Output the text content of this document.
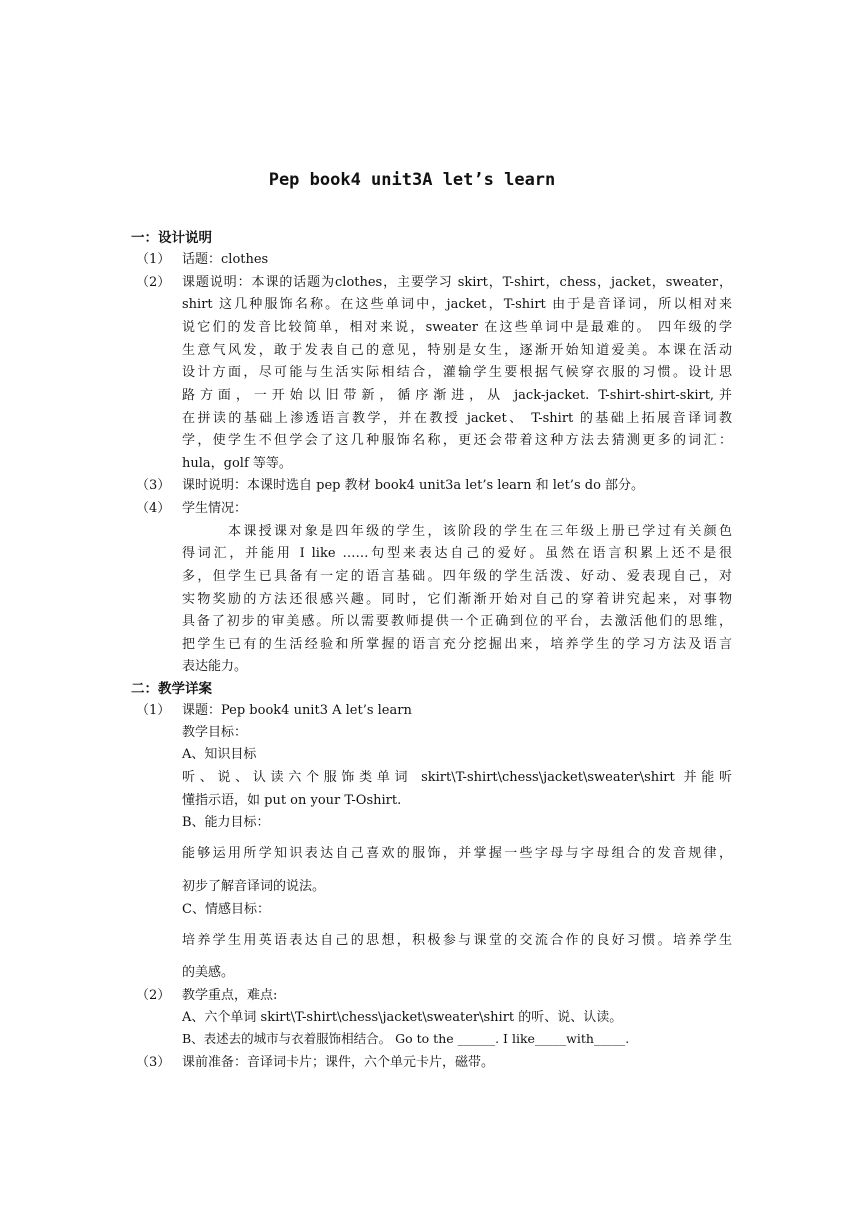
Pep book4 unit3A let’s learn
一：设计说明
（1） 话题：clothes
（2） 课题说明：本课的话题为clothes，主要学习 skirt，T-shirt，chess，jacket，sweater，
shirt 这几种服饰名称。在这些单词中，jacket，T-shirt 由于是音译词，所以相对来
说它们的发音比较简单，相对来说，sweater 在这些单词中是最难的。 四年级的学
生意气风发，敢于发表自己的意见，特别是女生，逐渐开始知道爱美。本课在活动
设计方面，尽可能与生活实际相结合，灌输学生要根据气候穿衣服的习惯。设计思
路方面，一开始以旧带新，循序渐进，从 jack-jacket. T-shirt-shirt-skirt,并
在拼读的基础上渗透语言教学，并在教授 jacket、 T-shirt 的基础上拓展音译词教
学，使学生不但学会了这几种服饰名称，更还会带着这种方法去猜测更多的词汇：
hula，golf 等等。
（3） 课时说明：本课时选自 pep 教材 book4 unit3a let’s learn 和 let’s do 部分。
（4） 学生情况：
本课授课对象是四年级的学生，该阶段的学生在三年级上册已学过有关颜色
得词汇，并能用 I like ……句型来表达自己的爱好。虽然在语言积累上还不是很
多，但学生已具备有一定的语言基础。四年级的学生活泼、好动、爱表现自己，对
实物奖励的方法还很感兴趣。同时，它们渐渐开始对自己的穿着讲究起来，对事物
具备了初步的审美感。所以需要教师提供一个正确到位的平台，去激活他们的思维，
把学生已有的生活经验和所掌握的语言充分挖掘出来，培养学生的学习方法及语言
表达能力。
二：教学详案
（1） 课题：Pep book4 unit3 A let’s learn
教学目标：
A、知识目标
听、说、认读六个服饰类单词 skirt\T-shirt\chess\jacket\sweater\shirt 并能听
懂指示语，如 put on your T-Oshirt.
B、能力目标：
能够运用所学知识表达自己喜欢的服饰，并掌握一些字母与字母组合的发音规律，
初步了解音译词的说法。
C、情感目标：
培养学生用英语表达自己的思想，积极参与课堂的交流合作的良好习惯。培养学生
的美感。
（2） 教学重点，难点:
A、六个单词 skirt\T-shirt\chess\jacket\sweater\shirt 的听、说、认读。
B、表述去的城市与衣着服饰相结合。 Go to the ______. I like_____with_____.
（3） 课前准备：音译词卡片；课件，六个单元卡片，磁带。
